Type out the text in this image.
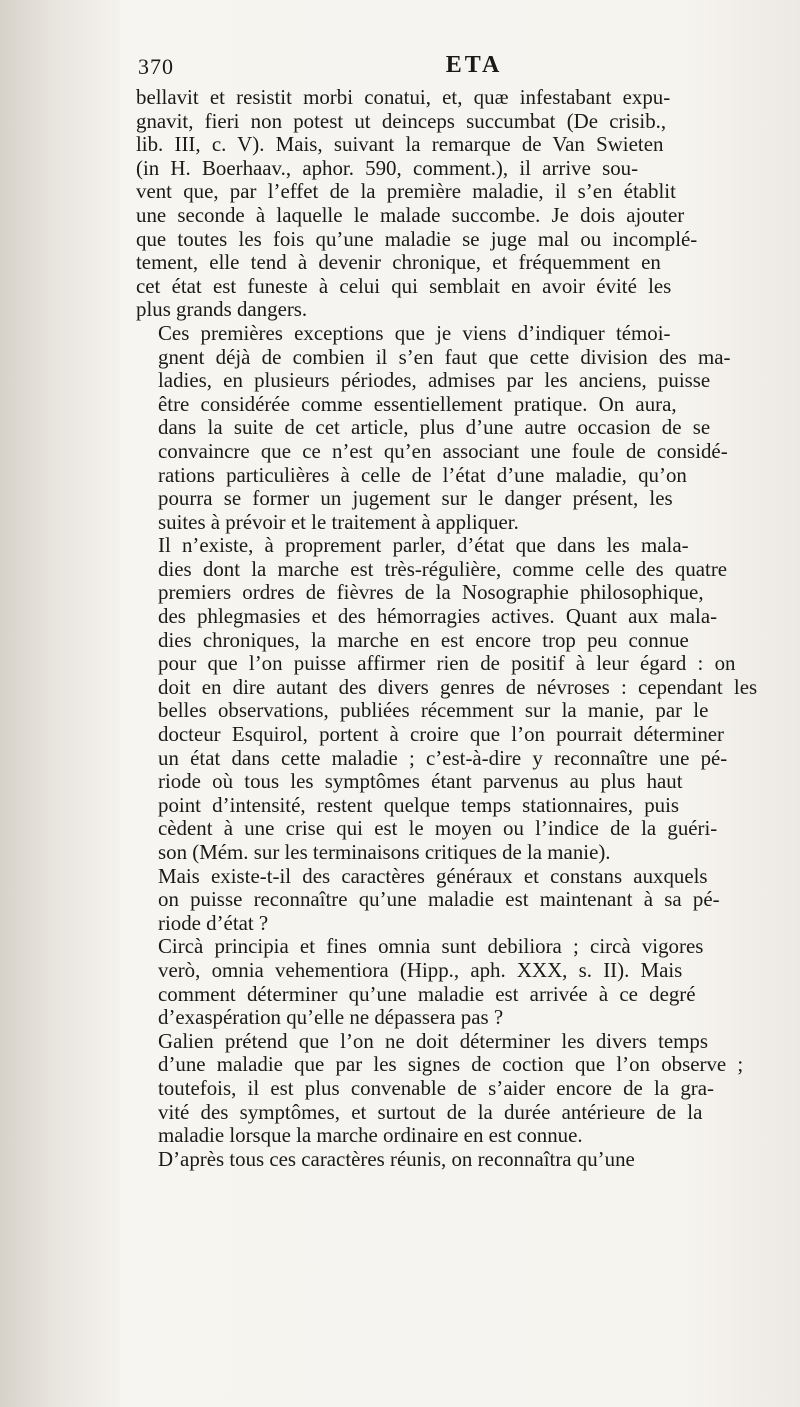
370	ETA

bellavit et resistit morbi conatui, et, quæ infestabant expu-
gnavit, fieri non potest ut deinceps succumbat (De crisib.,
lib. III, c. V). Mais, suivant la remarque de Van Swieten
(in H. Boerhaav., aphor. 590, comment.), il arrive sou-
vent que, par l’effet de la première maladie, il s’en établit
une seconde à laquelle le malade succombe. Je dois ajouter
que toutes les fois qu’une maladie se juge mal ou incomplé-
tement, elle tend à devenir chronique, et fréquemment en
cet état est funeste à celui qui semblait en avoir évité les
plus grands dangers.

Ces premières exceptions que je viens d’indiquer témoi-
gnent déjà de combien il s’en faut que cette division des ma-
ladies, en plusieurs périodes, admises par les anciens, puisse
être considérée comme essentiellement pratique. On aura,
dans la suite de cet article, plus d’une autre occasion de se
convaincre que ce n’est qu’en associant une foule de considé-
rations particulières à celle de l’état d’une maladie, qu’on
pourra se former un jugement sur le danger présent, les
suites à prévoir et le traitement à appliquer.

Il n’existe, à proprement parler, d’état que dans les mala-
dies dont la marche est très-régulière, comme celle des quatre
premiers ordres de fièvres de la Nosographie philosophique,
des phlegmasies et des hémorragies actives. Quant aux mala-
dies chroniques, la marche en est encore trop peu connue
pour que l’on puisse affirmer rien de positif à leur égard : on
doit en dire autant des divers genres de névroses : cependant les
belles observations, publiées récemment sur la manie, par le
docteur Esquirol, portent à croire que l’on pourrait déterminer
un état dans cette maladie ; c’est-à-dire y reconnaître une pé-
riode où tous les symptômes étant parvenus au plus haut
point d’intensité, restent quelque temps stationnaires, puis
cèdent à une crise qui est le moyen ou l’indice de la guéri-
son (Mém. sur les terminaisons critiques de la manie).

Mais existe-t-il des caractères généraux et constans auxquels
on puisse reconnaître qu’une maladie est maintenant à sa pé-
riode d’état ?

Circà principia et fines omnia sunt debiliora ; circà vigores
verò, omnia vehementiora (Hipp., aph. XXX, s. II). Mais
comment déterminer qu’une maladie est arrivée à ce degré
d’exaspération qu’elle ne dépassera pas ?

Galien prétend que l’on ne doit déterminer les divers temps
d’une maladie que par les signes de coction que l’on observe ;
toutefois, il est plus convenable de s’aider encore de la gra-
vité des symptômes, et surtout de la durée antérieure de la
maladie lorsque la marche ordinaire en est connue.

D’après tous ces caractères réunis, on reconnaîtra qu’une
